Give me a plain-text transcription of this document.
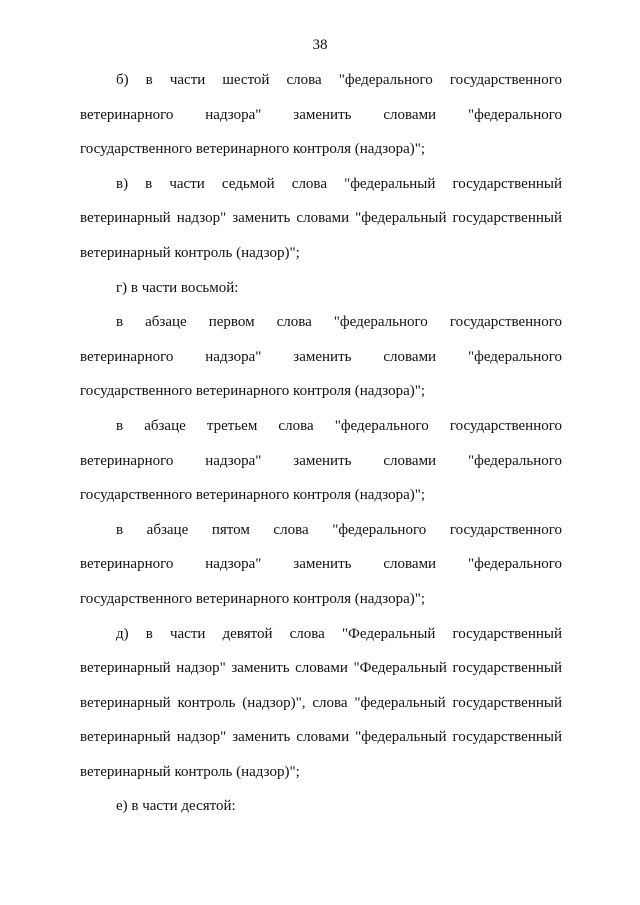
38
б) в части шестой слова "федерального государственного
ветеринарного надзора" заменить словами "федерального
государственного ветеринарного контроля (надзора)";
в) в части седьмой слова "федеральный государственный
ветеринарный надзор" заменить словами "федеральный государственный
ветеринарный контроль (надзор)";
г) в части восьмой:
в абзаце первом слова "федерального государственного
ветеринарного надзора" заменить словами "федерального
государственного ветеринарного контроля (надзора)";
в абзаце третьем слова "федерального государственного
ветеринарного надзора" заменить словами "федерального
государственного ветеринарного контроля (надзора)";
в абзаце пятом слова "федерального государственного
ветеринарного надзора" заменить словами "федерального
государственного ветеринарного контроля (надзора)";
д) в части девятой слова "Федеральный государственный
ветеринарный надзор" заменить словами "Федеральный государственный
ветеринарный контроль (надзор)", слова "федеральный государственный
ветеринарный надзор" заменить словами "федеральный государственный
ветеринарный контроль (надзор)";
е) в части десятой:
